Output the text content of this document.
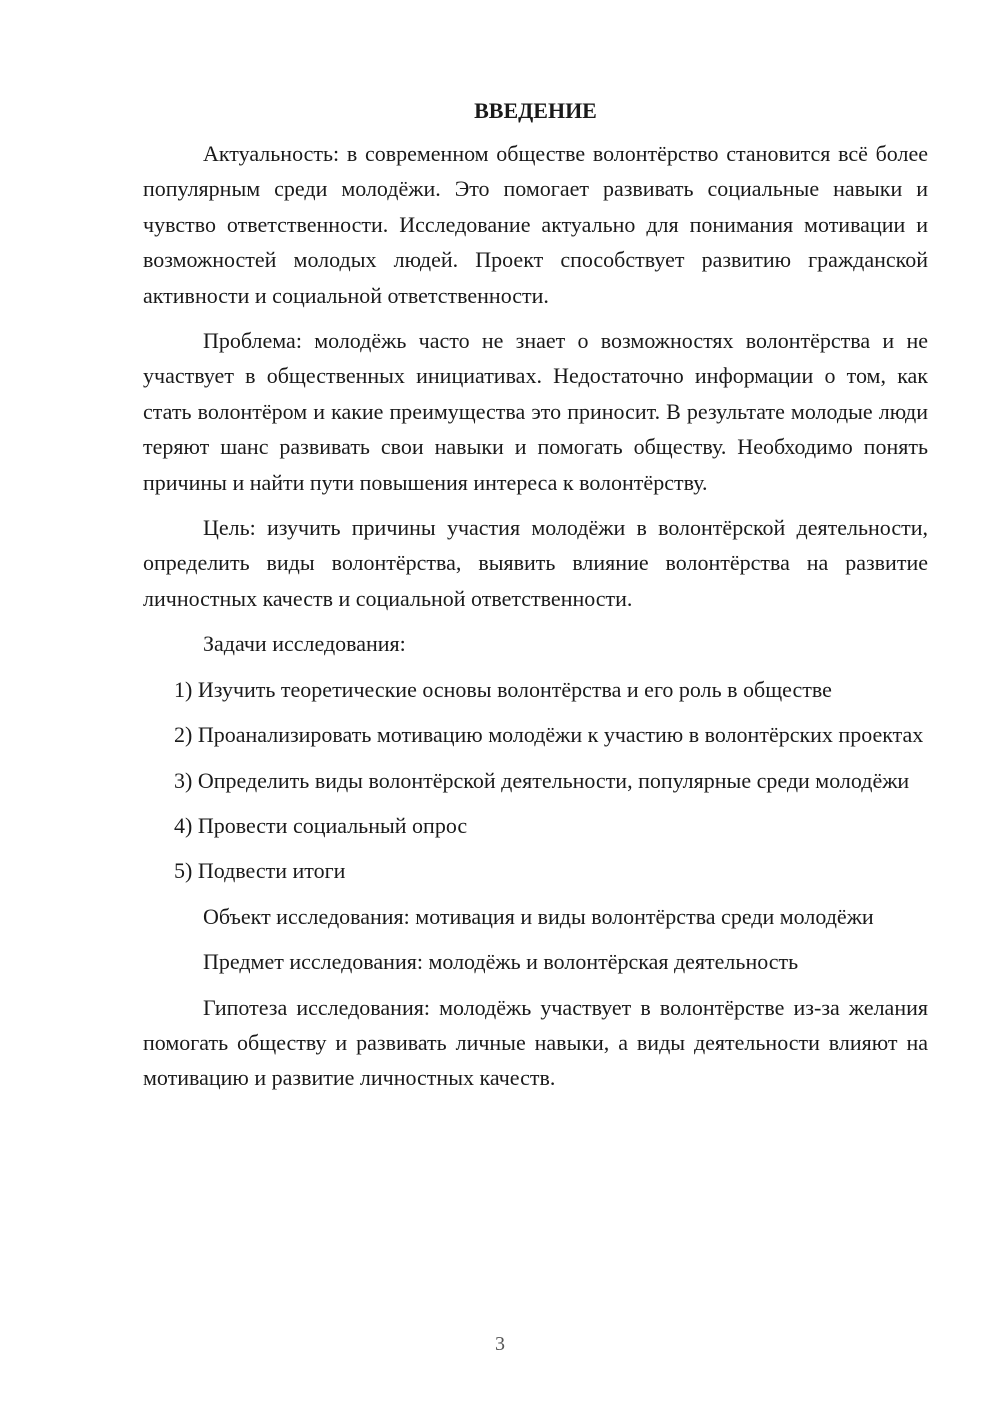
ВВЕДЕНИЕ

Актуальность: в современном обществе волонтёрство становится всё более популярным среди молодёжи. Это помогает развивать социальные навыки и чувство ответственности. Исследование актуально для понимания мотивации и возможностей молодых людей. Проект способствует развитию гражданской активности и социальной ответственности.

Проблема: молодёжь часто не знает о возможностях волонтёрства и не участвует в общественных инициативах. Недостаточно информации о том, как стать волонтёром и какие преимущества это приносит. В результате молодые люди теряют шанс развивать свои навыки и помогать обществу. Необходимо понять причины и найти пути повышения интереса к волонтёрству.

Цель: изучить причины участия молодёжи в волонтёрской деятельности, определить виды волонтёрства, выявить влияние волонтёрства на развитие личностных качеств и социальной ответственности.

Задачи исследования:

1) Изучить теоретические основы волонтёрства и его роль в обществе

2) Проанализировать мотивацию молодёжи к участию в волонтёрских проектах

3) Определить виды волонтёрской деятельности, популярные среди молодёжи

4) Провести социальный опрос

5) Подвести итоги

Объект исследования: мотивация и виды волонтёрства среди молодёжи

Предмет исследования: молодёжь и волонтёрская деятельность

Гипотеза исследования: молодёжь участвует в волонтёрстве из-за желания помогать обществу и развивать личные навыки, а виды деятельности влияют на мотивацию и развитие личностных качеств.

3
